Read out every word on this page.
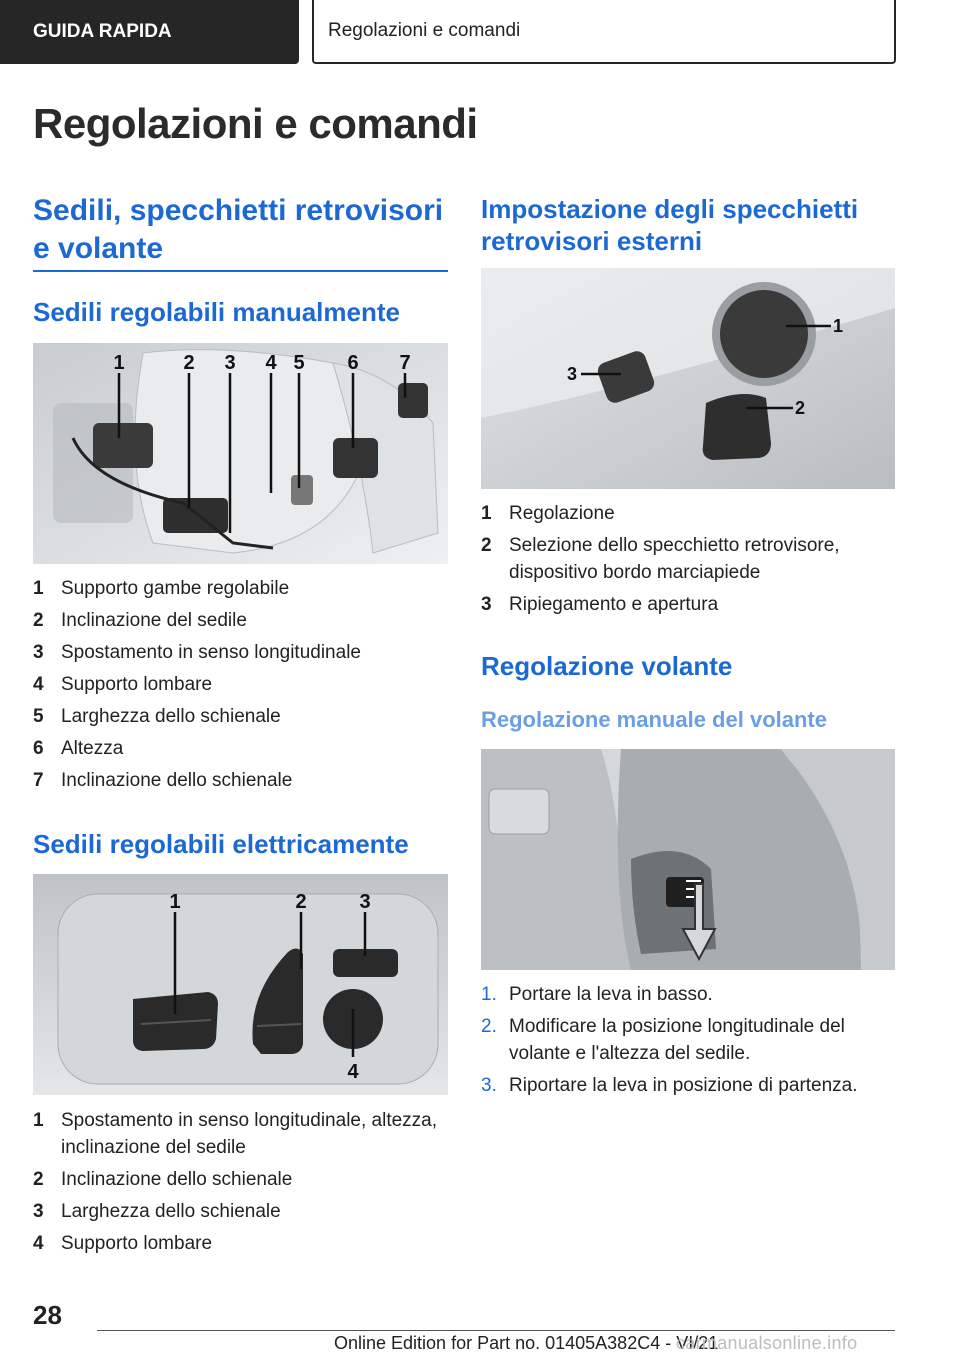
GUIDA RAPIDA	Regolazioni e comandi
Regolazioni e comandi
Sedili, specchietti retrovisori e volante
Sedili regolabili manualmente
1	2 3 4 5 6 7
1 Supporto gambe regolabile
2 Inclinazione del sedile
3 Spostamento in senso longitudinale
4 Supporto lombare
5 Larghezza dello schienale
6 Altezza
7 Inclinazione dello schienale
Sedili regolabili elettricamente
1	2	3
4
1 Spostamento in senso longitudinale, altezza, inclinazione del sedile
2 Inclinazione dello schienale
3 Larghezza dello schienale
4 Supporto lombare
Impostazione degli specchietti retrovisori esterni
1
2
3
1 Regolazione
2 Selezione dello specchietto retrovisore, dispositivo bordo marciapiede
3 Ripiegamento e apertura
Regolazione volante
Regolazione manuale del volante
1. Portare la leva in basso.
2. Modificare la posizione longitudinale del volante e l'altezza del sedile.
3. Riportare la leva in posizione di partenza.
28
Online Edition for Part no. 01405A382C4 - VI/21
carmanualsonline.info
